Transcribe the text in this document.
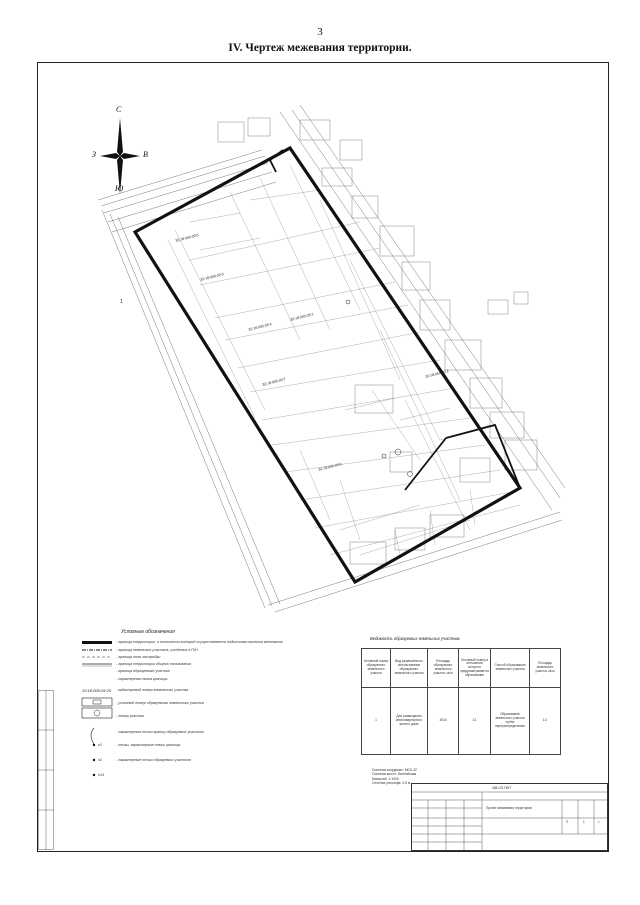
3
IV. Чертеж межевания территории.
С
Ю
З	В
32:18:000:29:5
32:18:000:29:3
32:18:000:29:4
32:18:000:29:1
32:18:000:29:7
32:18:000:29:2
32:18:000:29:9
1
Условные обозначения
- граница территории, в отношении которой осуществляется подготовка проекта межевания
- граница земельных участков, учтённых в ГКН
- граница зоны застройки
- граница территории общего пользования
- граница образуемого участка
- характерная точка границы
32:18:000:29:25 - кадастровый номер земельного участка
- условный номер образуемого земельного участка
- номер участка
- характерные точки границ образуемых участков
н1	- точки, характерные точки границы
н2	- характерные точки образуемых участков
н14
Ведомость образуемых земельных участков
Условный номер образуемого земельного участка	Вид разрешённого использования образуемого земельного участка	Площадь образуемого земельного участка, кв.м	Условный номер в отношении которого предусматривается образование	Способ образования земельного участка	Площадь земельного участка, кв.м
1	Для размещения многоквартирного жилого дома	4016	1:1	Образование земельного участка путём перераспределения	1:2
Система координат: МСК-32
Система высот: Балтийская
Масштаб: 1:1000
Сечение рельефа: 0,5 м
288-ОП-ПМТ
Проект межевания территории
П	1	1
